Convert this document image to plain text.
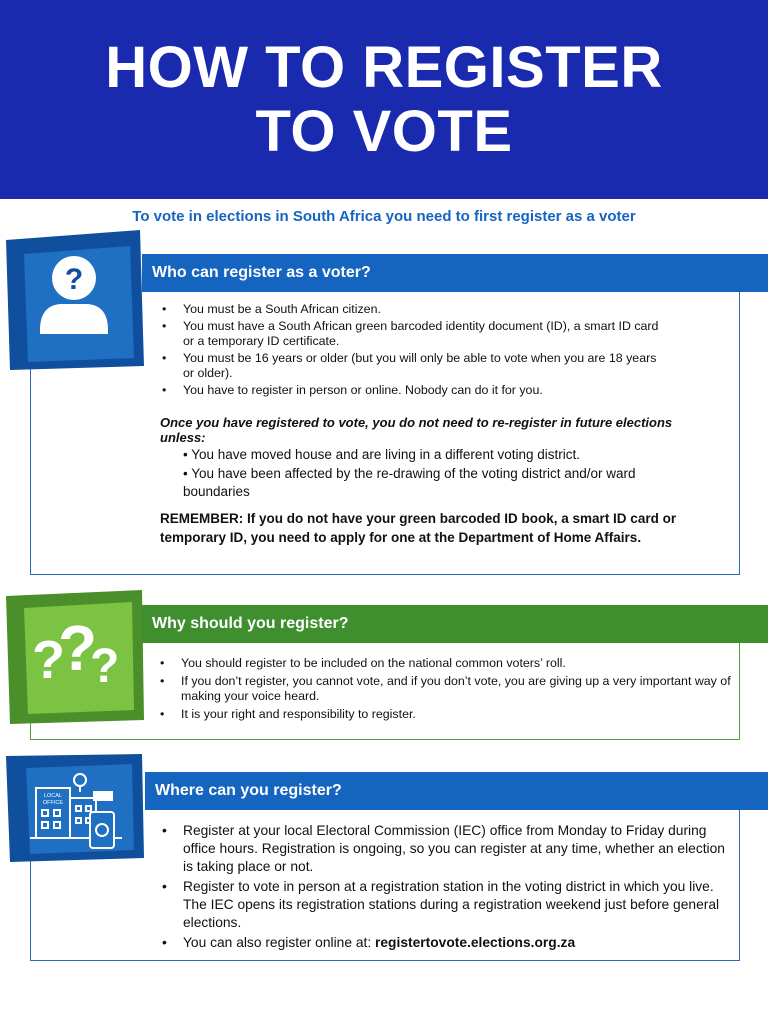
HOW TO REGISTER
TO VOTE
To vote in elections in South Africa you need to first register as a voter
?	Who can register as a voter?
• You must be a South African citizen.
• You must have a South African green barcoded identity document (ID), a smart ID card or a temporary ID certificate.
• You must be 16 years or older (but you will only be able to vote when you are 18 years or older).
• You have to register in person or online. Nobody can do it for you.
Once you have registered to vote, you do not need to re-register in future elections unless:
• You have moved house and are living in a different voting district.
• You have been affected by the re-drawing of the voting district and/or ward boundaries
REMEMBER: If you do not have your green barcoded ID book, a smart ID card or temporary ID, you need to apply for one at the Department of Home Affairs.
?
?
?
Why should you register?
• You should register to be included on the national common voters’ roll.
• If you don’t register, you cannot vote, and if you don’t vote, you are giving up a very important way of making your voice heard.
• It is your right and responsibility to register.
LOCAL
OFFICE
Where can you register?
• Register at your local Electoral Commission (IEC) office from Monday to Friday during office hours. Registration is ongoing, so you can register at any time, whether an election is taking place or not.
• Register to vote in person at a registration station in the voting district in which you live. The IEC opens its registration stations during a registration weekend just before general elections.
• You can also register online at: registertovote.elections.org.za
